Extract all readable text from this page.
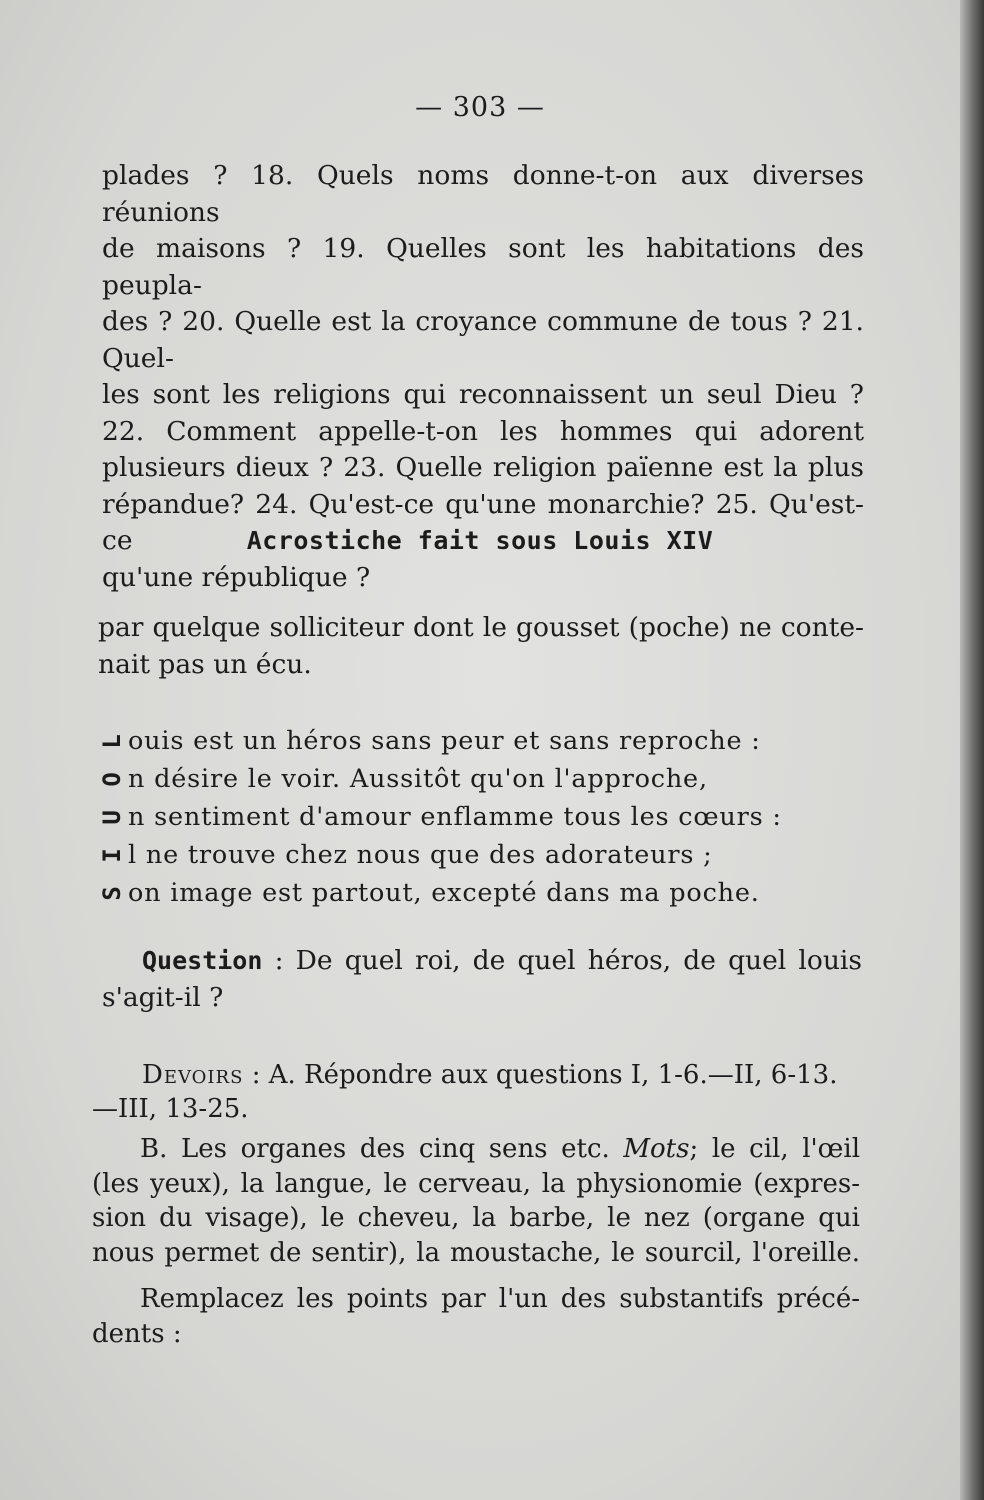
— 303 —
plades ? 18. Quels noms donne-t-on aux diverses réunions
de maisons ? 19. Quelles sont les habitations des peupla-
des ? 20. Quelle est la croyance commune de tous ? 21. Quel-
les sont les religions qui reconnaissent un seul Dieu ?
22. Comment appelle-t-on les hommes qui adorent
plusieurs dieux ? 23. Quelle religion païenne est la plus
répandue? 24. Qu'est-ce qu'une monarchie? 25. Qu'est-ce
qu'une république ?
Acrostiche fait sous Louis XIV
par quelque solliciteur dont le gousset (poche) ne conte-
nait pas un écu.
L ouis est un héros sans peur et sans reproche :
O n désire le voir. Aussitôt qu'on l'approche,
U n sentiment d'amour enflamme tous les cœurs :
I l ne trouve chez nous que des adorateurs ;
S on image est partout, excepté dans ma poche.
Question : De quel roi, de quel héros, de quel louis
s'agit-il ?
Devoirs : A. Répondre aux questions I, 1-6.—II, 6-13.
—III, 13-25.
B. Les organes des cinq sens etc. Mots; le cil, l'œil
(les yeux), la langue, le cerveau, la physionomie (expres-
sion du visage), le cheveu, la barbe, le nez (organe qui
nous permet de sentir), la moustache, le sourcil, l'oreille.
Remplacez les points par l'un des substantifs précé-
dents :
